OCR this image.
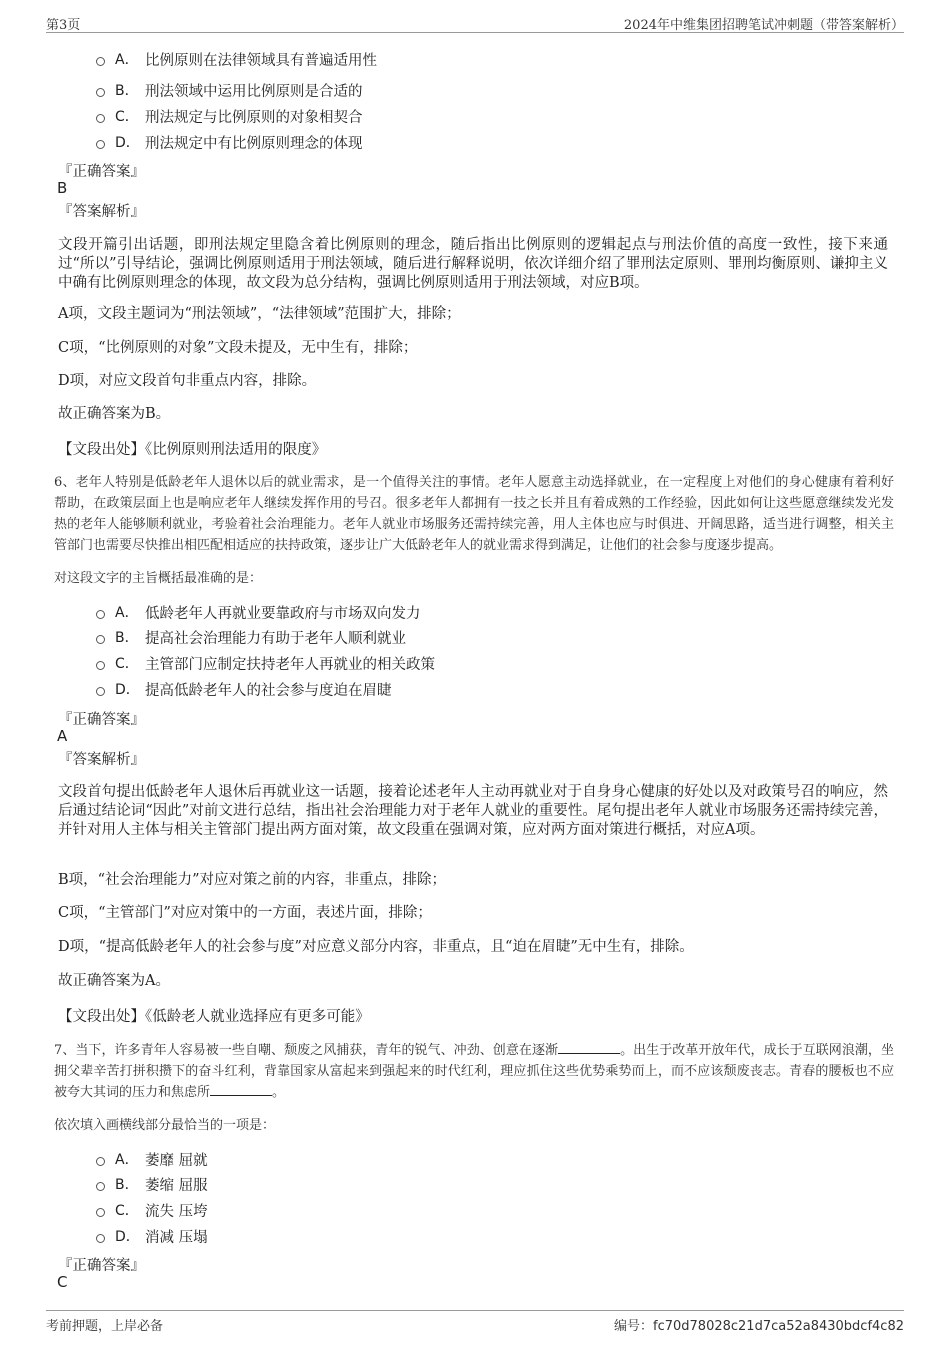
第3页	2024年中维集团招聘笔试冲刺题（带答案解析）
A． 比例原则在法律领域具有普遍适用性
B． 刑法领域中运用比例原则是合适的
C． 刑法规定与比例原则的对象相契合
D． 刑法规定中有比例原则理念的体现
『正确答案』
B
『答案解析』
文段开篇引出话题，即刑法规定里隐含着比例原则的理念，随后指出比例原则的逻辑起点与刑法价值的高度一致性，接下来通过“所以”引导结论，强调比例原则适用于刑法领域，随后进行解释说明，依次详细介绍了罪刑法定原则、罪刑均衡原则、谦抑主义中确有比例原则理念的体现，故文段为总分结构，强调比例原则适用于刑法领域，对应B项。
A项，文段主题词为“刑法领域”，“法律领域”范围扩大，排除；
C项，“比例原则的对象”文段未提及，无中生有，排除；
D项，对应文段首句非重点内容，排除。
故正确答案为B。
【文段出处】《比例原则刑法适用的限度》
6、老年人特别是低龄老年人退休以后的就业需求，是一个值得关注的事情。老年人愿意主动选择就业，在一定程度上对他们的身心健康有着利好帮助，在政策层面上也是响应老年人继续发挥作用的号召。很多老年人都拥有一技之长并且有着成熟的工作经验，因此如何让这些愿意继续发光发热的老年人能够顺利就业，考验着社会治理能力。老年人就业市场服务还需持续完善，用人主体也应与时俱进、开阔思路，适当进行调整，相关主管部门也需要尽快推出相匹配相适应的扶持政策，逐步让广大低龄老年人的就业需求得到满足，让他们的社会参与度逐步提高。
对这段文字的主旨概括最准确的是：
A． 低龄老年人再就业要靠政府与市场双向发力
B． 提高社会治理能力有助于老年人顺利就业
C． 主管部门应制定扶持老年人再就业的相关政策
D． 提高低龄老年人的社会参与度迫在眉睫
『正确答案』
A
『答案解析』
文段首句提出低龄老年人退休后再就业这一话题，接着论述老年人主动再就业对于自身身心健康的好处以及对政策号召的响应，然后通过结论词“因此”对前文进行总结，指出社会治理能力对于老年人就业的重要性。尾句提出老年人就业市场服务还需持续完善，并针对用人主体与相关主管部门提出两方面对策，故文段重在强调对策，应对两方面对策进行概括，对应A项。
B项，“社会治理能力”对应对策之前的内容，非重点，排除；
C项，“主管部门”对应对策中的一方面，表述片面，排除；
D项，“提高低龄老年人的社会参与度”对应意义部分内容，非重点，且“迫在眉睫”无中生有，排除。
故正确答案为A。
【文段出处】《低龄老人就业选择应有更多可能》
7、当下，许多青年人容易被一些自嘲、颓废之风捕获，青年的锐气、冲劲、创意在逐渐	。出生于改革开放年代，成长于互联网浪潮，坐拥父辈辛苦打拼积攒下的奋斗红利，背靠国家从富起来到强起来的时代红利，理应抓住这些优势乘势而上，而不应该颓废丧志。青春的腰板也不应被夸大其词的压力和焦虑所	。
依次填入画横线部分最恰当的一项是：
A． 萎靡 屈就
B． 萎缩 屈服
C． 流失 压垮
D． 消减 压塌
『正确答案』
C
考前押题，上岸必备	编号：fc70d78028c21d7ca52a8430bdcf4c82
